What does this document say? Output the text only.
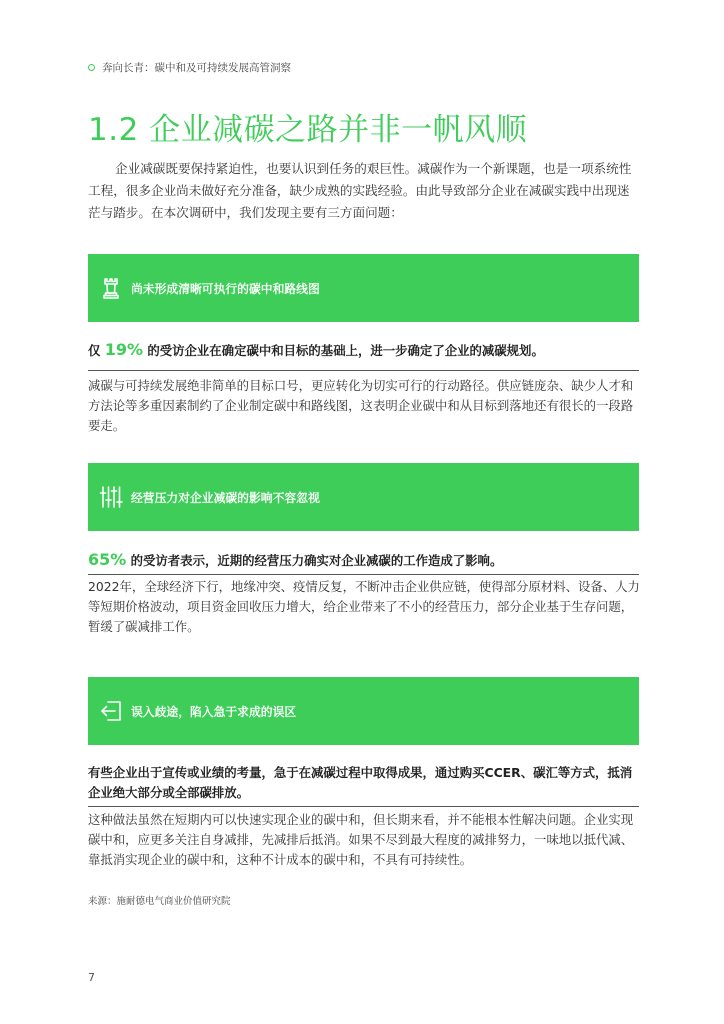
奔向长青：碳中和及可持续发展高管洞察
1.2 企业减碳之路并非一帆风顺

企业减碳既要保持紧迫性，也要认识到任务的艰巨性。减碳作为一个新课题，也是一项系统性工程，很多企业尚未做好充分准备，缺少成熟的实践经验。由此导致部分企业在减碳实践中出现迷茫与踏步。在本次调研中，我们发现主要有三方面问题：

尚未形成清晰可执行的碳中和路线图
仅 19% 的受访企业在确定碳中和目标的基础上，进一步确定了企业的减碳规划。

减碳与可持续发展绝非简单的目标口号，更应转化为切实可行的行动路径。供应链庞杂、缺少人才和方法论等多重因素制约了企业制定碳中和路线图，这表明企业碳中和从目标到落地还有很长的一段路要走。

经营压力对企业减碳的影响不容忽视
65% 的受访者表示，近期的经营压力确实对企业减碳的工作造成了影响。

2022年，全球经济下行，地缘冲突、疫情反复，不断冲击企业供应链，使得部分原材料、设备、人力等短期价格波动，项目资金回收压力增大，给企业带来了不小的经营压力，部分企业基于生存问题，暂缓了碳减排工作。

误入歧途，陷入急于求成的误区
有些企业出于宣传或业绩的考量，急于在减碳过程中取得成果，通过购买CCER、碳汇等方式，抵消企业绝大部分或全部碳排放。

这种做法虽然在短期内可以快速实现企业的碳中和，但长期来看，并不能根本性解决问题。企业实现碳中和，应更多关注自身减排，先减排后抵消。如果不尽到最大程度的减排努力，一味地以抵代减、靠抵消实现企业的碳中和，这种不计成本的碳中和，不具有可持续性。

来源：施耐德电气商业价值研究院
7
